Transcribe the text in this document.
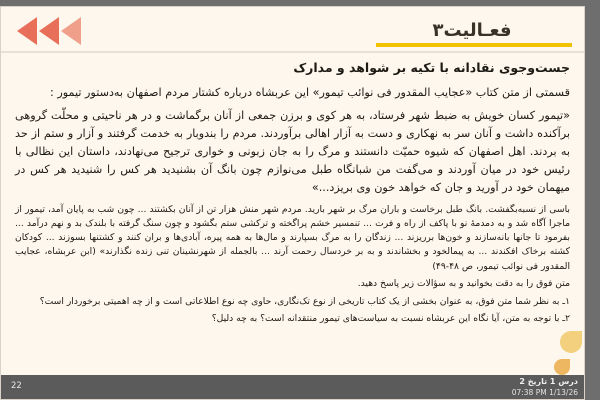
فعـالیت۳
جست‌وجوی نقادانه با تکیه بر شواهد و مدارک

قسمتی از متن کتاب «عجایب المقدور فی نوائب تیمور» این عربشاه درباره کشتار مردم اصفهان به‌دستور تیمور :

«تیمور کسان خویش به ضبط شهر فرستاد، به هر کوی و برزن جمعی از آنان برگماشت و در هر ناحیتی و محلّت گروهی برآکنده داشت و آنان سر به نهکاری و دست به آزار اهالی برآوردند. مردم را بندوبار به خدمت گرفتند و آزار و ستم از حد به بردند. اهل اصفهان که شیوه حمیّت دانستند و مرگ را به جان زبونی و خواری ترجیح می‌نهادند، داستان این نظالی با رئیس خود در میان آوردند و می‌گفت من شبانگاه طبل می‌نوازم چون بانگ آن بشنیدید هر کس را شنیدید هر کس در میهمان خود در آورید و جان که خواهد خون وی بریزد...»

باسی از نسبه‌بگفشت. بانگ طبل برخاست و باران مرگ بر شهر بارید. مردم شهر منش هزار تن از آنان بکشتند ... چون شب به پایان آمد، تیمور از ماجرا آگاه شد و به دمدمهٔ نو با پاکف از راه و فرت ... تنمسیر خشم پراگخته و ترکشی ستم بگشود و چون سنگ گرفته با بلندک بد و نهم درآمد ... بفرمود تا جانها بانه‌سازند و خون‌ها برریزند ... زندگان را به مرگ بسپارند و مال‌ها به همه پیره، آبادی‌ها و بران کنند و کشتنها بسوزند ... کودکان کشته برخاک افکندند ... به پیمالخود و بخشاندند و به بر خردسال رحمت آرند ... بالجمله از شهرنشینان تنی زنده نگذارند» (ابن عربشاه، عجایب المقدور فی نوائب تیمور، ص ۴۸-۴۹)

متن فوق را به دقت بخوانید و به سؤالات زیر پاسخ دهید.

۱ـ به نظر شما متن فوق، به عنوان بخشی از یک کتاب تاریخی از نوع تک‌نگاری، حاوی چه نوع اطلاعاتی است و از چه اهمیتی برخوردار است؟
۲ـ با توجه به متن، آیا نگاه این عربشاه نسبت به سیاست‌های تیمور منتقدانه است؟ به چه دلیل؟
درس 1 تاریخ 2
07:38 PM 1/13/26
22
